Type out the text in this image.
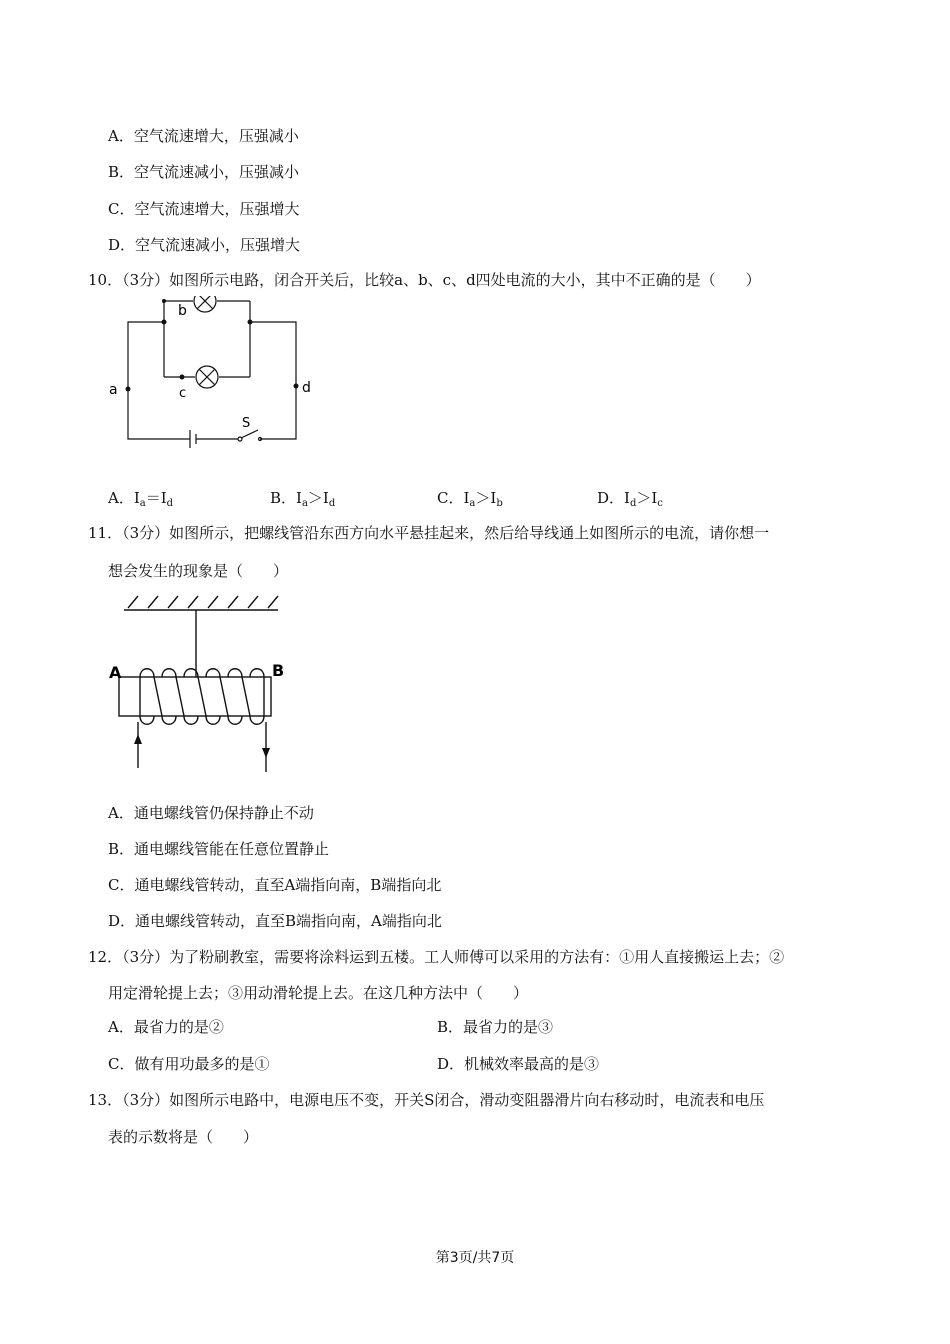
A．空气流速增大，压强减小
B．空气流速减小，压强减小
C．空气流速增大，压强增大
D．空气流速减小，压强增大
10．（3分）如图所示电路，闭合开关后，比较a、b、c、d四处电流的大小，其中不正确的是（　　）
b
c
a	d
S
A．$I_a=I_d$	B．$I_a>I_d$	C．$I_a>I_b$	D．$I_d>I_c$
11．（3分）如图所示，把螺线管沿东西方向水平悬挂起来，然后给导线通上如图所示的电流，请你想一
想会发生的现象是（　　）
A	B
A．通电螺线管仍保持静止不动
B．通电螺线管能在任意位置静止
C．通电螺线管转动，直至A端指向南，B端指向北
D．通电螺线管转动，直至B端指向南，A端指向北
12．（3分）为了粉刷教室，需要将涂料运到五楼。工人师傅可以采用的方法有：①用人直接搬运上去；②
用定滑轮提上去；③用动滑轮提上去。在这几种方法中（　　）
A．最省力的是②	B．最省力的是③
C．做有用功最多的是①	D．机械效率最高的是③
13．（3分）如图所示电路中，电源电压不变，开关S闭合，滑动变阻器滑片向右移动时，电流表和电压
表的示数将是（　　）
第3页/共7页
